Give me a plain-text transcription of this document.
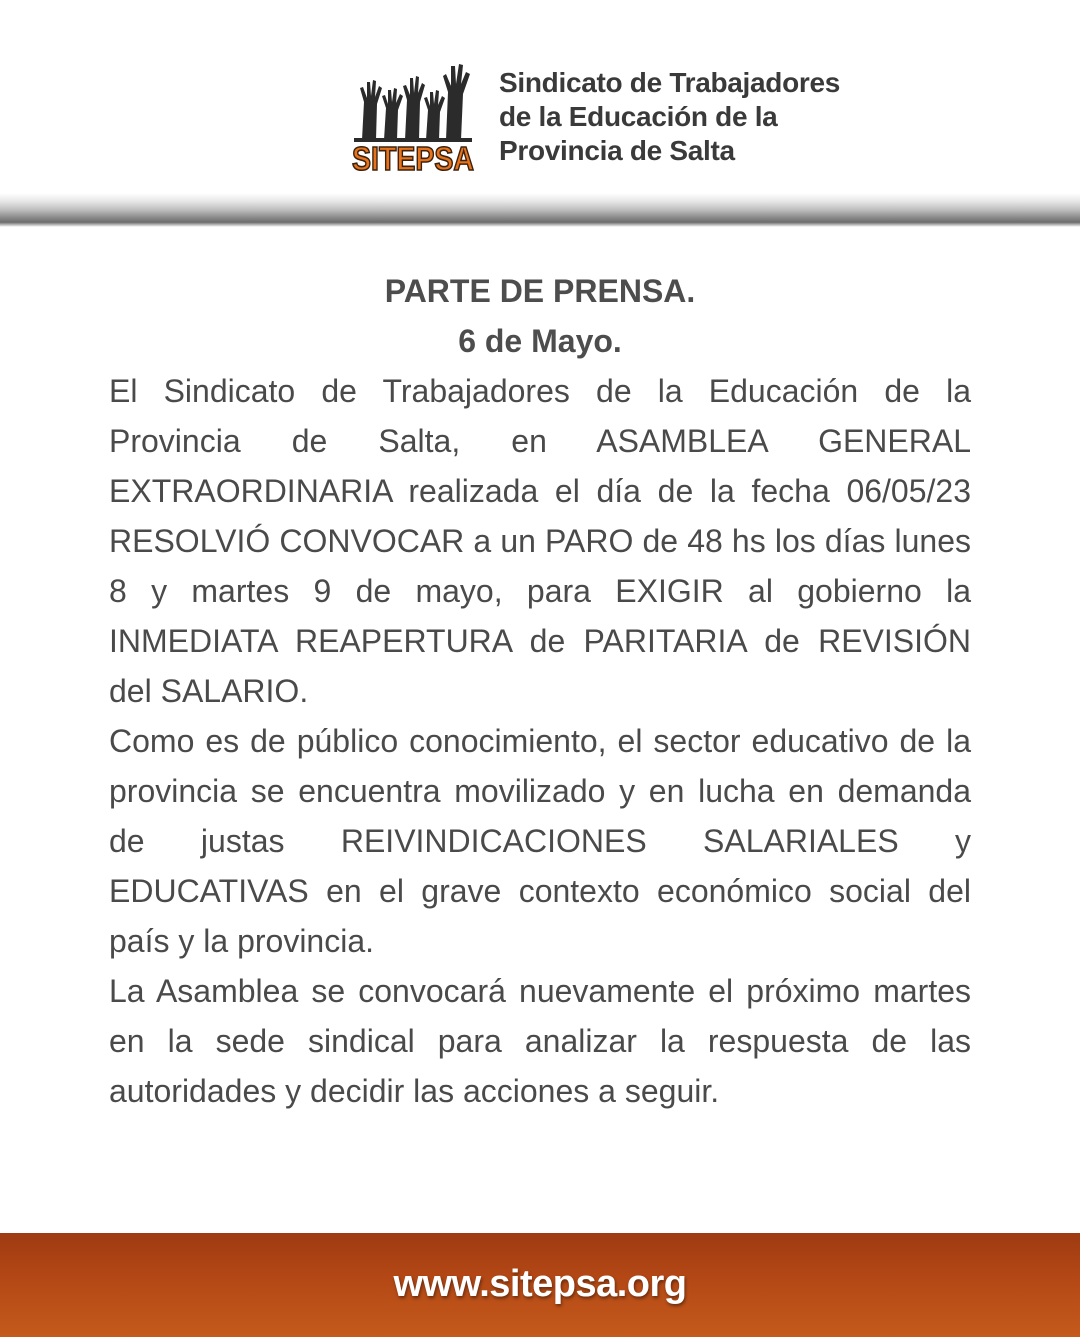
SITEPSA
Sindicato de Trabajadores
de la Educación de la
Provincia de Salta

PARTE DE PRENSA.

6 de Mayo.

El Sindicato de Trabajadores de la Educación de la Provincia de Salta, en ASAMBLEA GENERAL EXTRAORDINARIA realizada el día de la fecha 06/05/23 RESOLVIÓ CONVOCAR a un PARO de 48 hs los días lunes 8 y martes 9 de mayo, para EXIGIR al gobierno la INMEDIATA REAPERTURA de PARITARIA de REVISIÓN del SALARIO.

Como es de público conocimiento, el sector educativo de la provincia se encuentra movilizado y en lucha en demanda de justas REIVINDICACIONES SALARIALES y EDUCATIVAS en el grave contexto económico social del país y la provincia.

La Asamblea se convocará nuevamente el próximo martes en la sede sindical para analizar la respuesta de las autoridades y decidir las acciones a seguir.

www.sitepsa.org
